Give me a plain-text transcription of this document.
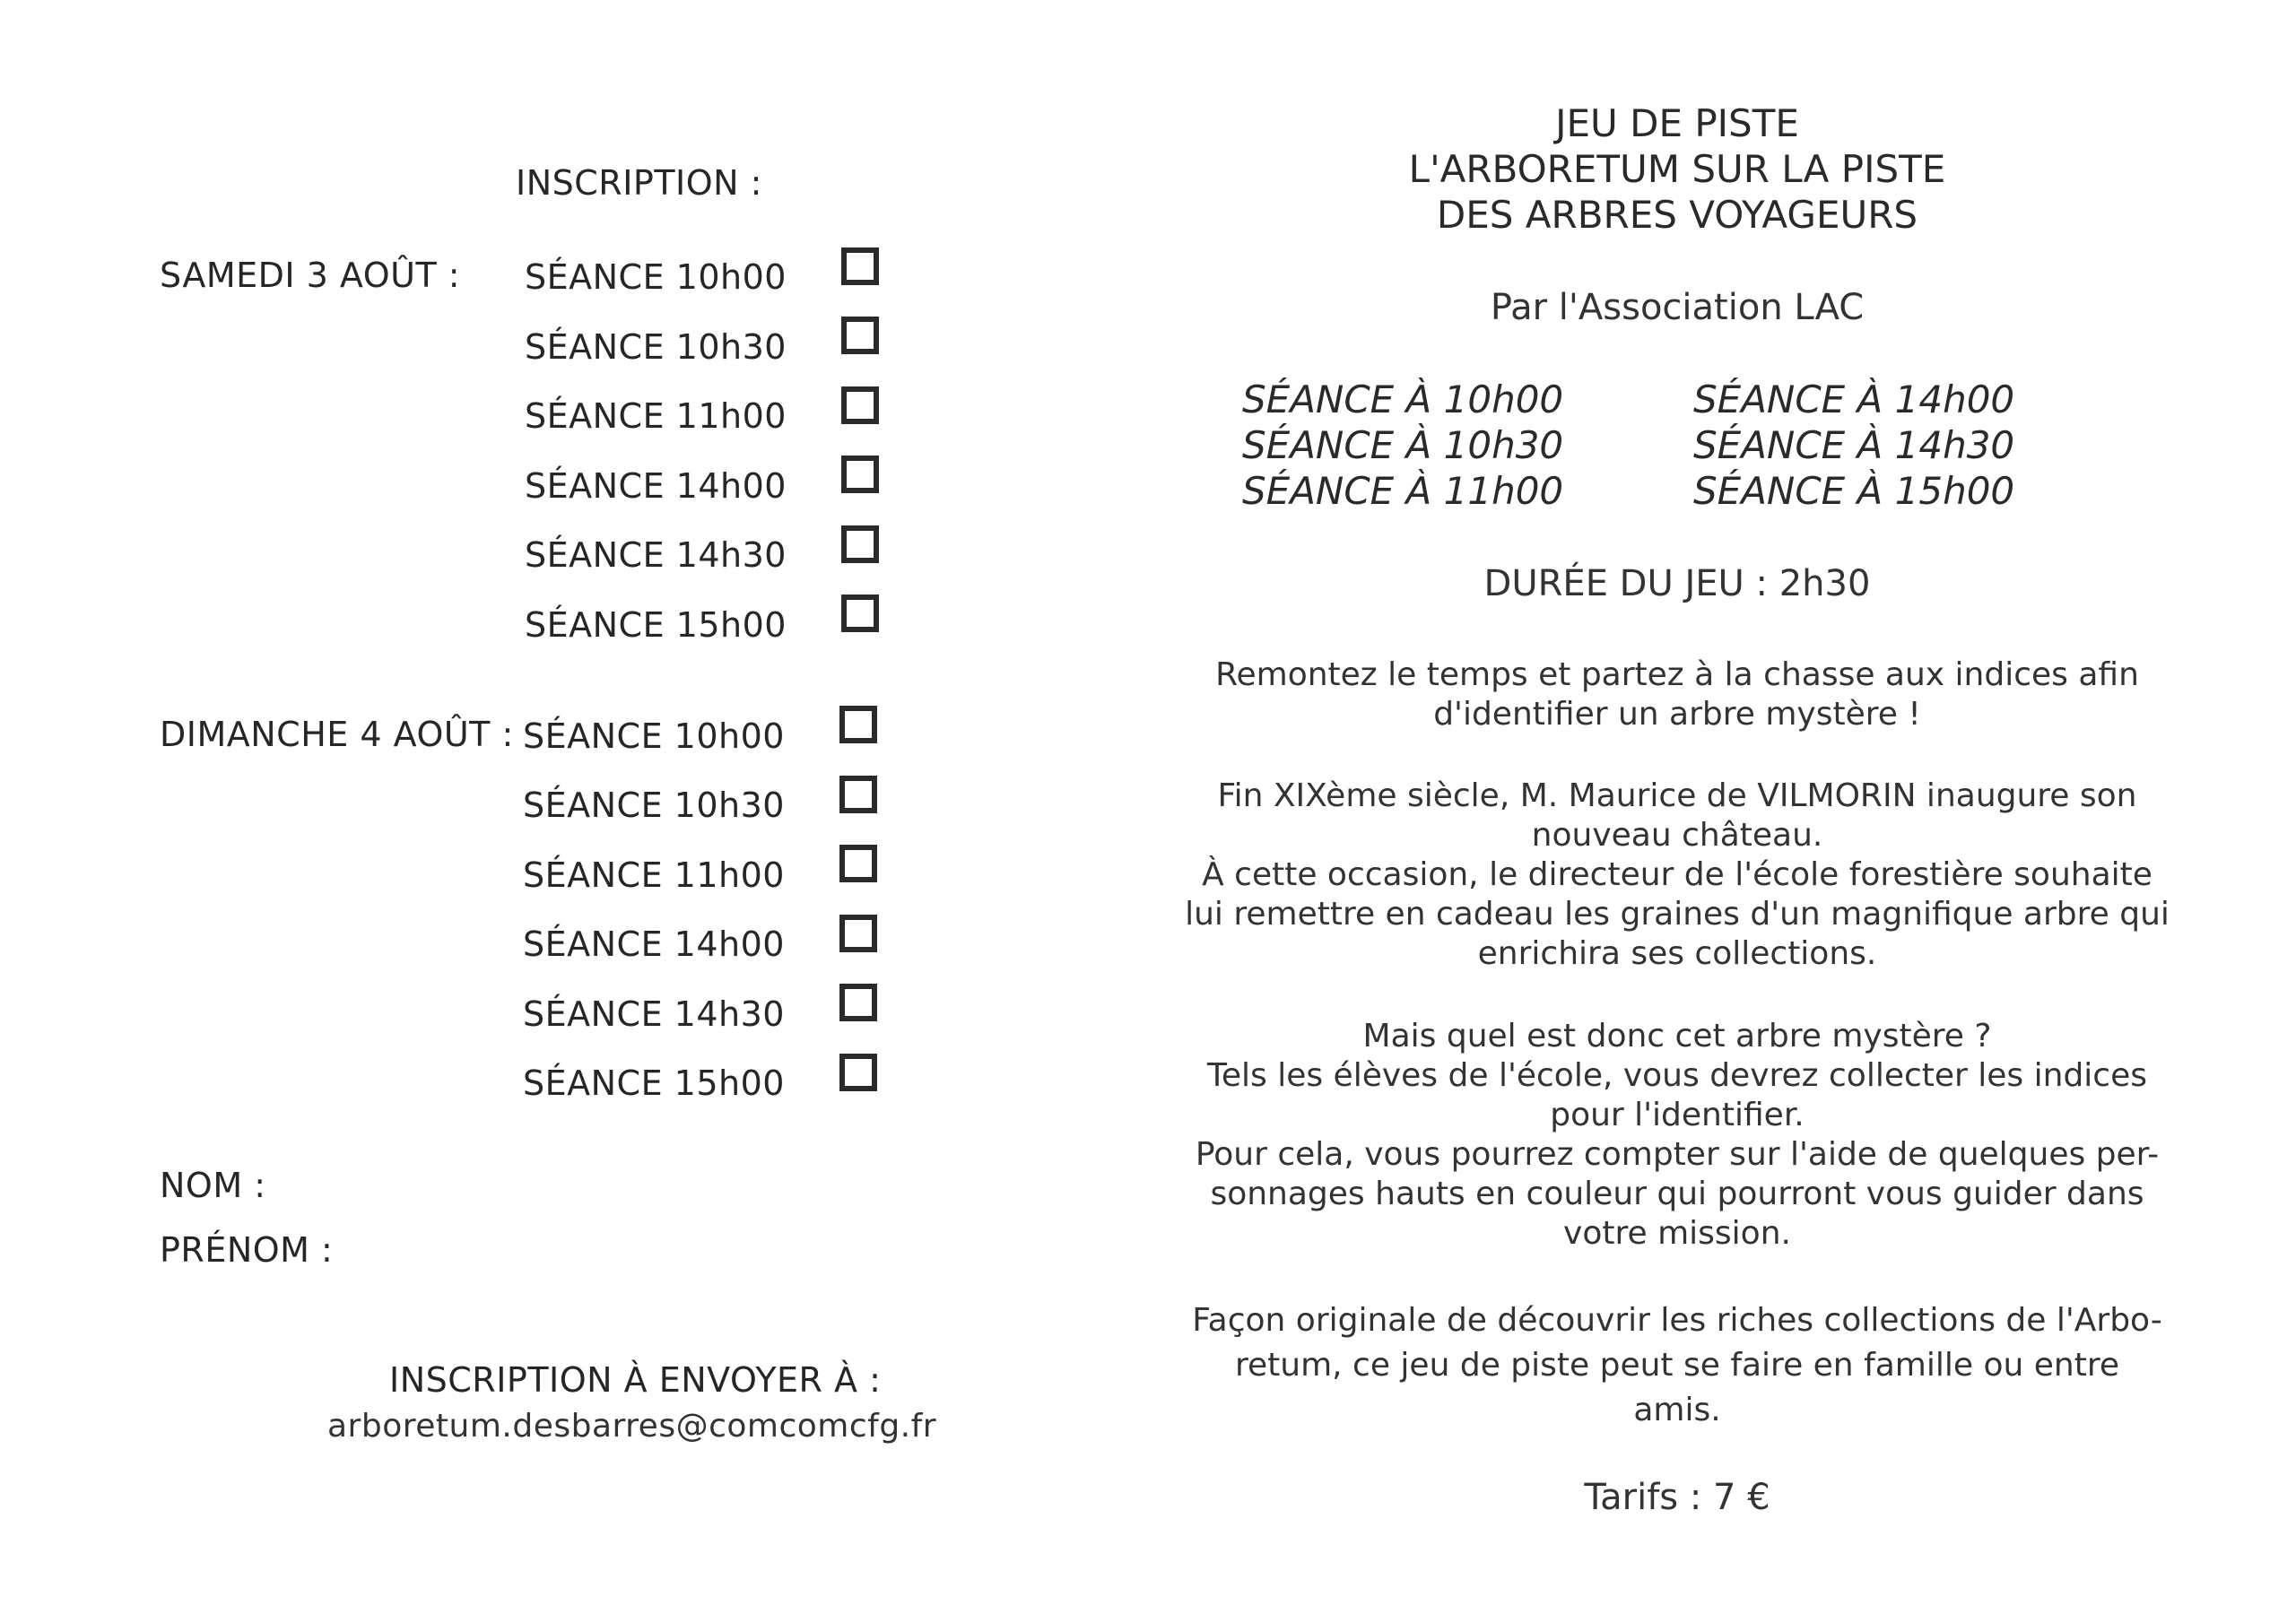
INSCRIPTION :
SAMEDI 3 AOÛT : SÉANCE 10h00
SÉANCE 10h30
SÉANCE 11h00
SÉANCE 14h00
SÉANCE 14h30
SÉANCE 15h00
DIMANCHE 4 AOÛT : SÉANCE 10h00
SÉANCE 10h30
SÉANCE 11h00
SÉANCE 14h00
SÉANCE 14h30
SÉANCE 15h00
NOM :
PRÉNOM :
INSCRIPTION À ENVOYER À :
arboretum.desbarres@comcomcfg.fr
JEU DE PISTE
L'ARBORETUM SUR LA PISTE
DES ARBRES VOYAGEURS
Par l'Association LAC
SÉANCE À 10h00
SÉANCE À 10h30
SÉANCE À 11h00
SÉANCE À 14h00
SÉANCE À 14h30
SÉANCE À 15h00
DURÉE DU JEU : 2h30

Remontez le temps et partez à la chasse aux indices afin

d'identifier un arbre mystère !

Fin XIXème siècle, M. Maurice de VILMORIN inaugure son

nouveau château.

À cette occasion, le directeur de l'école forestière souhaite

lui remettre en cadeau les graines d'un magnifique arbre qui

enrichira ses collections.

Mais quel est donc cet arbre mystère ?

Tels les élèves de l'école, vous devrez collecter les indices

pour l'identifier.

Pour cela, vous pourrez compter sur l'aide de quelques per-

sonnages hauts en couleur qui pourront vous guider dans

votre mission.

Façon originale de découvrir les riches collections de l'Arbo-

retum, ce jeu de piste peut se faire en famille ou entre

amis.

Tarifs : 7 €
